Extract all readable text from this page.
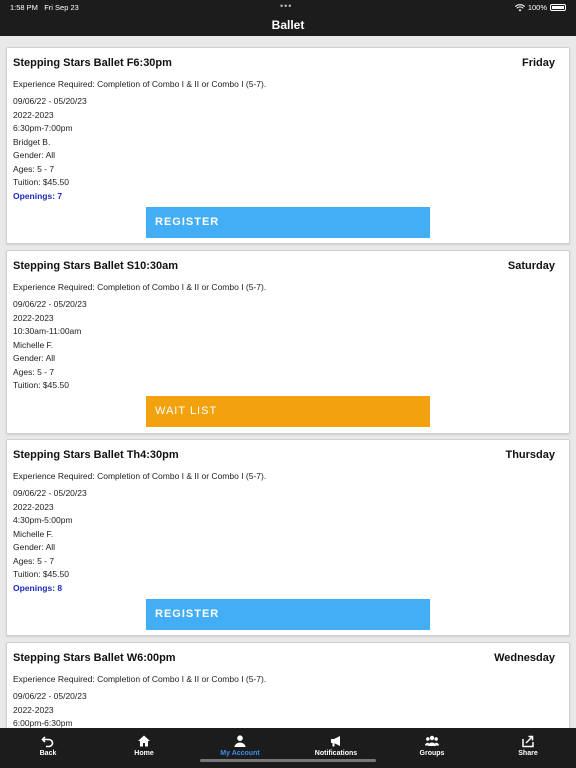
1:58 PM Fri Sep 23	•••	100%
Ballet
Stepping Stars Ballet F6:30pm	Friday
Experience Required: Completion of Combo I & II or Combo I (5-7).
09/06/22 - 05/20/23
2022-2023
6:30pm-7:00pm
Bridget B.
Gender: All
Ages: 5 - 7
Tuition: $45.50
Openings: 7
REGISTER
Stepping Stars Ballet S10:30am	Saturday
Experience Required: Completion of Combo I & II or Combo I (5-7).
09/06/22 - 05/20/23
2022-2023
10:30am-11:00am
Michelle F.
Gender: All
Ages: 5 - 7
Tuition: $45.50
WAIT LIST
Stepping Stars Ballet Th4:30pm	Thursday
Experience Required: Completion of Combo I & II or Combo I (5-7).
09/06/22 - 05/20/23
2022-2023
4:30pm-5:00pm
Michelle F.
Gender: All
Ages: 5 - 7
Tuition: $45.50
Openings: 8
REGISTER
Stepping Stars Ballet W6:00pm	Wednesday
Experience Required: Completion of Combo I & II or Combo I (5-7).
09/06/22 - 05/20/23
2022-2023
6:00pm-6:30pm
Back	Home	My Account	Notifications	Groups	Share
